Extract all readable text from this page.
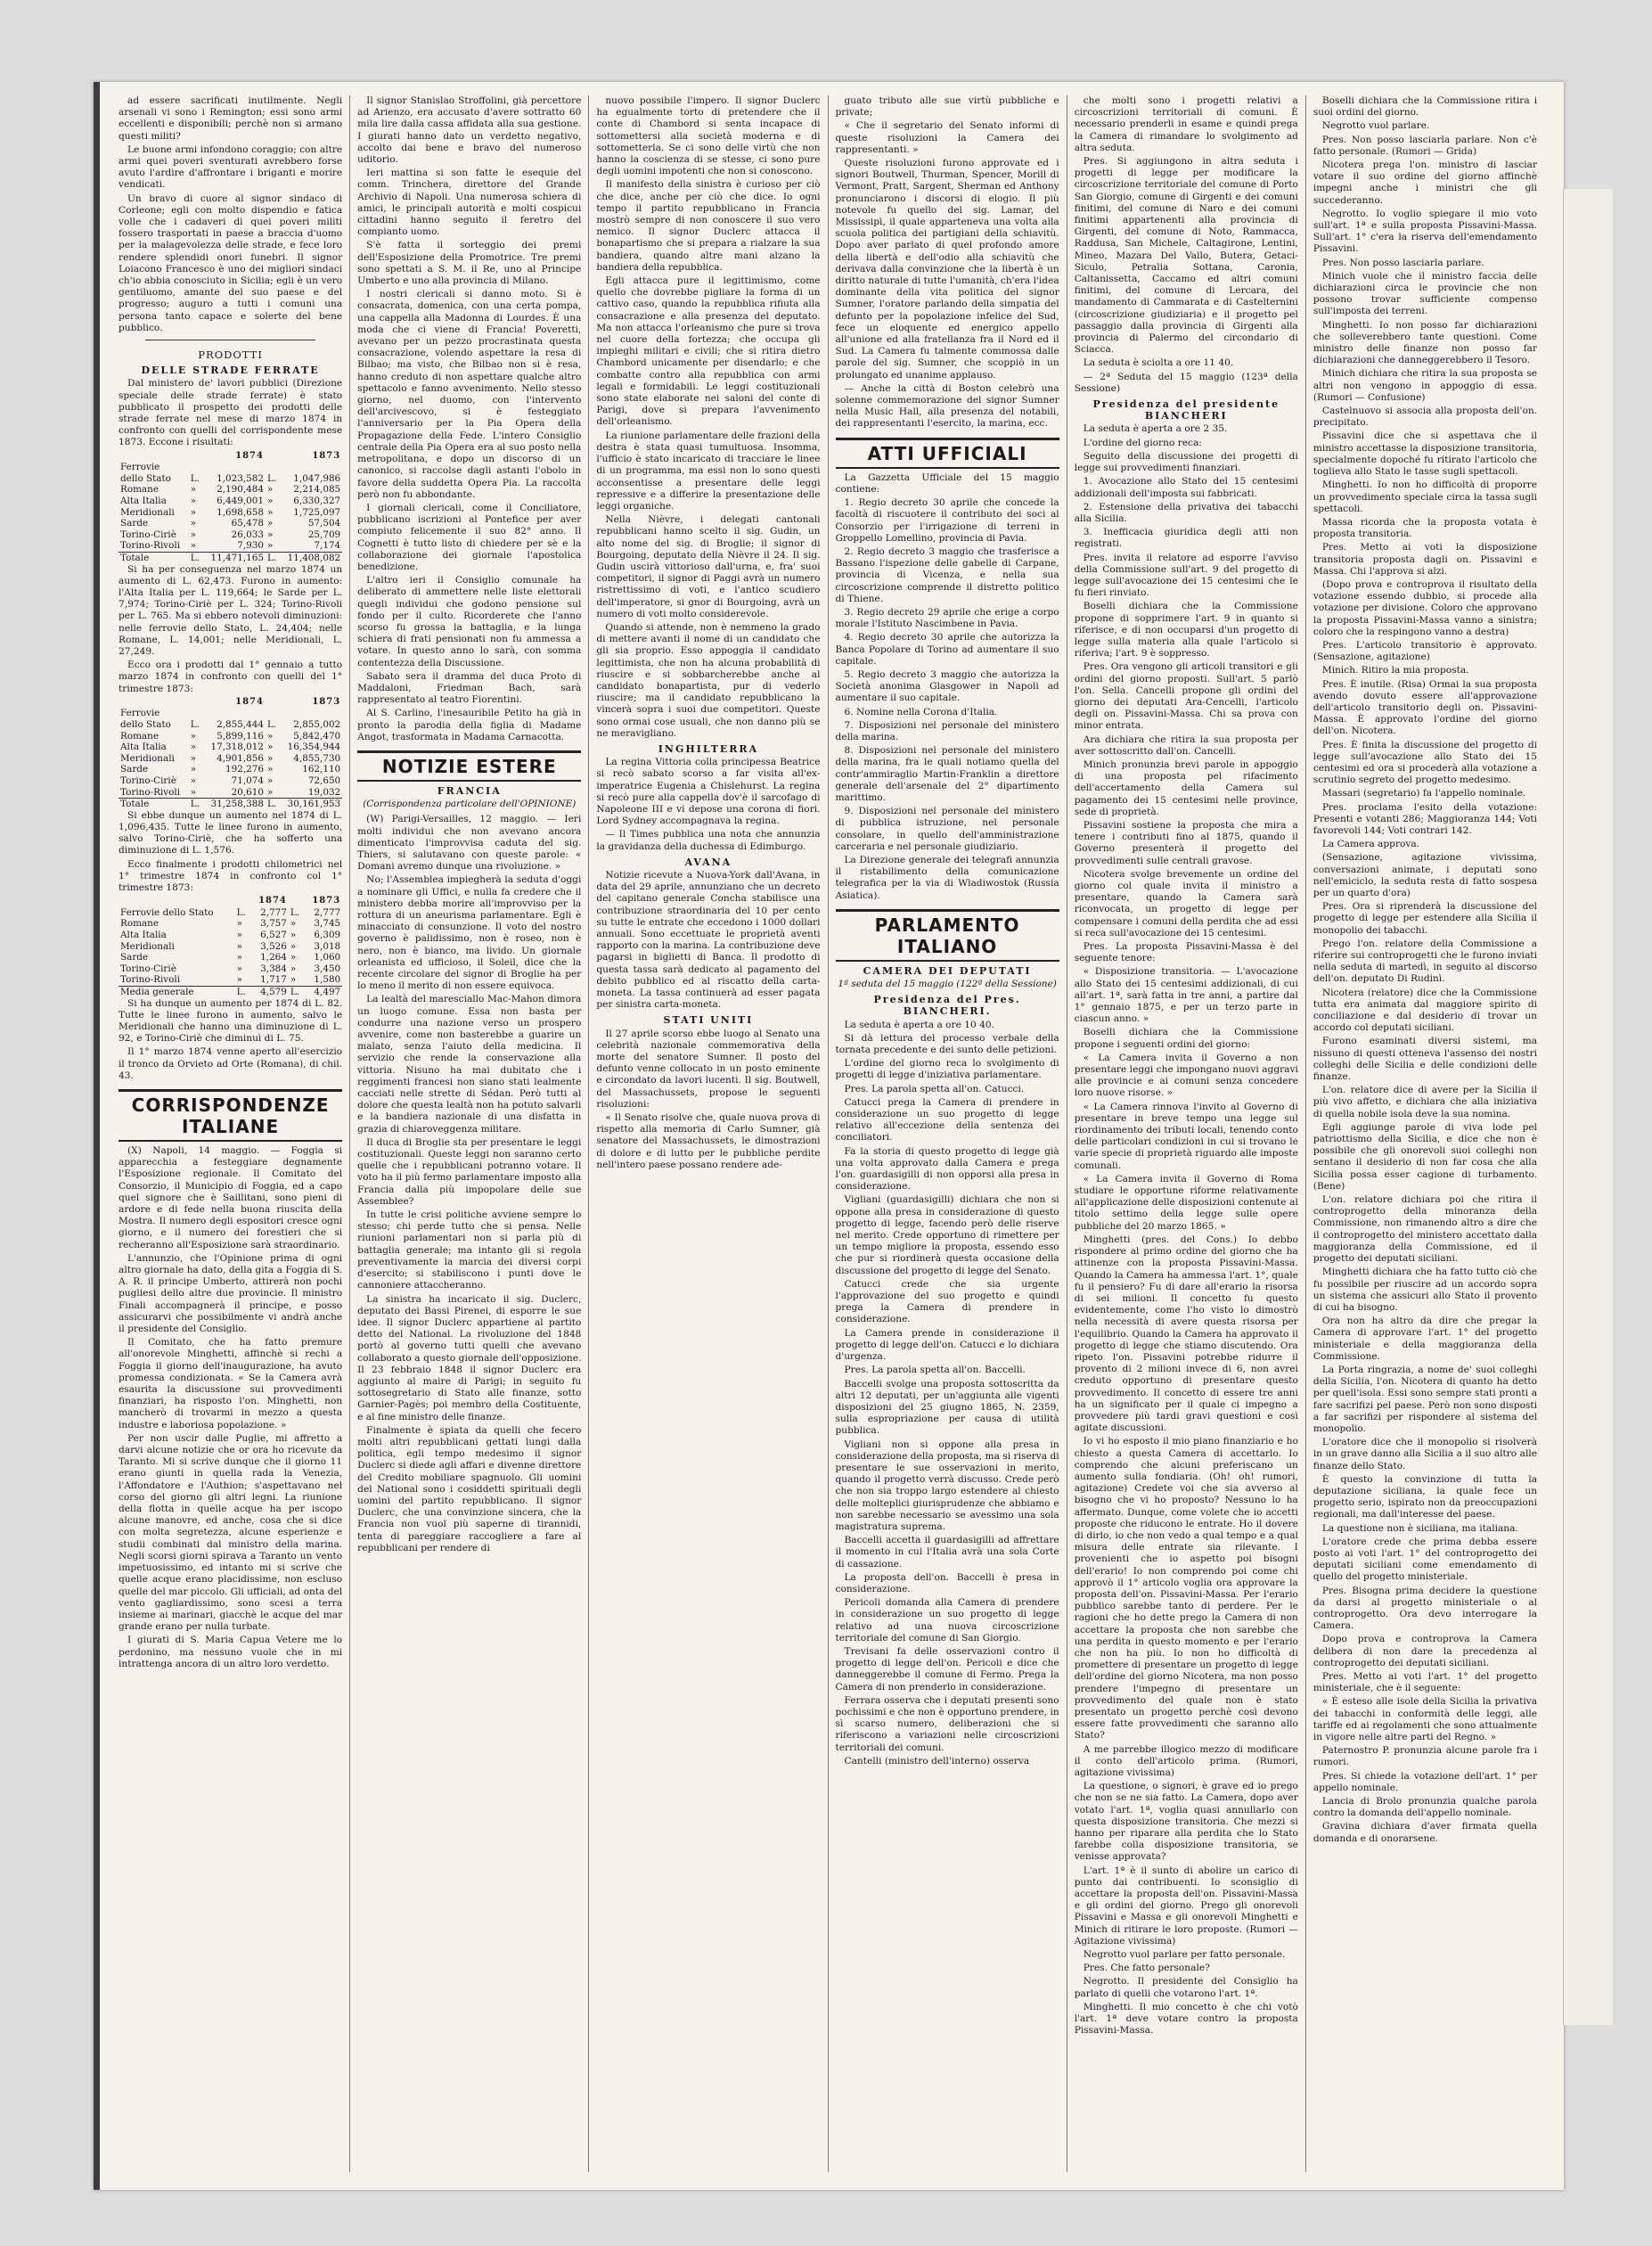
ad essere sacrificati inutilmente. Negli arsenali vi sono i Remington; essi sono armi eccellenti e disponibili; perchè non si armano questi militi?

Le buone armi infondono coraggio; con altre armi quei poveri sventurati avrebbero forse avuto l'ardire d'affrontare i briganti e morire vendicati.

Un bravo di cuore al signor sindaco di Corleone; egli con molto dispendio e fatica volle che i cadaveri di quei poveri militi fossero trasportati in paese a braccia d'uomo per la malagevolezza delle strade, e fece loro rendere splendidi onori funebri. Il signor Loiacono Francesco è uno dei migliori sindaci ch'io abbia conosciuto in Sicilia; egli è un vero gentiluomo, amante del suo paese e del progresso; augurο a tutti i comuni una persona tanto capace e solerte del bene pubblico.

PRODOTTI
DELLE STRADE FERRATE

Dal ministero de' lavori pubblici (Direzione speciale delle strade ferrate) è stato pubblicato il prospetto dei prodotti delle strade ferrate nel mese di marzo 1874 in confronto con quelli del corrispondente mese 1873. Eccone i risultati:

		1874		1873
Ferrovie				
dello Stato	L.	1,023,582	L.	1,047,986
Romane	»	2,190,484	»	2,214,085
Alta Italia	»	6,449,001	»	6,330,327
Meridionali	»	1,698,658	»	1,725,097
Sarde	»	65,478	»	57,504
Torino-Ciriè	»	26,033	»	25,709
Torino-Rivoli	»	7,930	»	7,174
Totale	L.	11,471,165	L.	11,408,082

Si ha per conseguenza nel marzo 1874 un aumento di L. 62,473. Furono in aumento: l'Alta Italia per L. 119,664; le Sarde per L. 7,974; Torino-Ciriè per L. 324; Torino-Rivoli per L. 765. Ma si ebbero notevoli diminuzioni: nelle ferrovie dello Stato, L. 24,404; nelle Romane, L. 14,001; nelle Meridionali, L. 27,249.

Ecco ora i prodotti dal 1° gennaio a tutto marzo 1874 in confronto con quelli del 1° trimestre 1873:

		1874		1873
Ferrovie				
dello Stato	L.	2,855,444	L.	2,855,002
Romane	»	5,899,116	»	5,842,470
Alta Italia	»	17,318,012	»	16,354,944
Meridionali	»	4,901,856	»	4,855,730
Sarde	»	192,276	»	162,110
Torino-Ciriè	»	71,074	»	72,650
Torino-Rivoli	»	20,610	»	19,032
Totale	L.	31,258,388	L.	30,161,953

Si ebbe dunque un aumento nel 1874 di L. 1,096,435. Tutte le linee furono in aumento, salvo Torino-Ciriè, che ha sofferto una diminuzione di L. 1,576.

Ecco finalmente i prodotti chilometrici nel 1° trimestre 1874 in confronto col 1° trimestre 1873:

		1874		1873
Ferrovie dello Stato	L.	2,777	L.	2,777
Romane	»	3,757	»	3,745
Alta Italia	»	6,527	»	6,309
Meridionali	»	3,526	»	3,018
Sarde	»	1,264	»	1,060
Torino-Ciriè	»	3,384	»	3,450
Torino-Rivoli	»	1,717	»	1,580
Media generale	L.	4,579	L.	4,497

Si ha dunque un aumento per 1874 di L. 82. Tutte le linee furono in aumento, salvo le Meridionali che hanno una diminuzione di L. 92, e Torino-Ciriè che diminuì di L. 75.

Il 1° marzo 1874 venne aperto all'esercizio il tronco da Orvieto ad Orte (Romana), di chil. 43.

CORRISPONDENZE ITALIANE

(X) Napoli, 14 maggio. — Foggia si apparecchia a festeggiare degnamente l'Esposizione regionale. Il Comitato del Consorzio, il Municipio di Foggia, ed a capo quel signore che è Saillitani, sono pieni di ardore e di fede nella buona riuscita della Mostra. Il numero degli espositori cresce ogni giorno, e il numero dei forestieri che si recheranno all'Esposizione sarà straordinario.

L'annunzio, che l'Opinione prima di ogni altro giornale ha dato, della gita a Foggia di S. A. R. il principe Umberto, attirerà non pochi pugliesi dello altre due provincie. Il ministro Finali accompagnerà il principe, e posso assicurarvi che possibilmente vi andrà anche il presidente del Consiglio.

Il Comitato, che ha fatto premure all'onorevole Minghetti, affinchè si rechi a Foggia il giorno dell'inaugurazione, ha avuto promessa condizionata. « Se la Camera avrà esaurita la discussione sui provvedimenti finanziari, ha risposto l'on. Minghetti, non mancherò di trovarmi in mezzo a questa industre e laboriosa popolazione. »

Per non uscir dalle Puglie, mi affretto a darvi alcune notizie che or ora ho ricevute da Taranto. Mi si scrive dunque che il giorno 11 erano giunti in quella rada la Venezia, l'Affondatore e l'Authion; s'aspettavano nel corso del giorno gli altri legni. La riunione della flotta in quelle acque ha per iscopo alcune manovre, ed anche, cosa che si dice con molta segretezza, alcune esperienze e studii combinati dal ministro della marina. Negli scorsi giorni spirava a Taranto un vento impetuosissimo, ed intanto mi si scrive che quelle acque erano placidissime, non escluso quelle del mar piccolo. Gli ufficiali, ad onta del vento gagliardissimo, sono scesi a terra insieme ai marinari, giacchè le acque del mar grande erano per nulla turbate.

I giurati di S. Maria Capua Vetere me lo perdonino, ma nessuno vuole che in mi intrattenga ancora di un altro loro verdetto.

Il signor Stanislao Stroffolini, già percettore ad Arienzo, era accusato d'avere sottratto 60 mila lire dalla cassa affidata alla sua gestione. I giurati hanno dato un verdetto negativo, accolto dai bene e bravo del numeroso uditorio.

Ieri mattina si son fatte le esequie del comm. Trinchera, direttore del Grande Archivio di Napoli. Una numerosa schiera di amici, le principali autorità e molti cospicui cittadini hanno seguito il feretro del compianto uomo.

S'è fatta il sorteggio dei premi dell'Esposizione della Promotrice. Tre premi sono spettati a S. M. il Re, uno al Principe Umberto e uno alla provincia di Milano.

I nostri clericali si danno moto. Si è consacrata, domenica, con una certa pompa, una cappella alla Madonna di Lourdes. È una moda che ci viene di Francia! Poveretti, avevano per un pezzo procrastinata questa consacrazione, volendo aspettare la resa di Bilbao; ma visto, che Bilbao non si è resa, hanno creduto di non aspettare qualche altro spettacolo e fanno avvenimento. Nello stesso giorno, nel duomo, con l'intervento dell'arcivescovo, si è festeggiato l'anniversario per la Pia Opera della Propagazione della Fede. L'intero Consiglio centrale della Pia Opera era al suo posto nella metropolitana, e dopo un discorso di un canonico, si raccolse dagli astanti l'obolo in favore della suddetta Opera Pia. La raccolta però non fu abbondante.

I giornali clericali, come il Conciliatore, pubblicano iscrizioni al Pontefice per aver compiuto felicemente il suo 82° anno. Il Cognetti è tutto listo di chiedere per sè e la collaborazione dei giornale l'apostolica benedizione.

L'altro ieri il Consiglio comunale ha deliberato di ammettere nelle liste elettorali quegli individui che godono pensione sul fondo per il culto. Ricorderete che l'anno scorso fu grossa la battaglia, e la lunga schiera di frati pensionati non fu ammessa a votare. In questo anno lo sarà, con somma contentezza della Discussione.

Sabato sera il dramma del duca Proto di Maddaloni, Friedman Bach, sarà rappresentato al teatro Fiorentini.

Al S. Carlino, l'inesauribile Petito ha già in pronto la parodia della figlia di Madame Angot, trasformata in Madama Carnacotta.

NOTIZIE ESTERE
FRANCIA
(Corrispondenza particolare dell'OPINIONE)

(W) Parigi-Versailles, 12 maggio. — Ieri molti individui che non avevano ancora dimenticato l'improvvisa caduta del sig. Thiers, si salutavano con queste parole: « Domani avremo dunque una rivoluzione. »

No; l'Assemblea impiegherà la seduta d'oggi a nominare gli Uffici, e nulla fa credere che il ministero debba morire all'improvviso per la rottura di un aneurisma parlamentare. Egli è minacciato di consunzione. Il voto del nostro governo è palidissimo, non è roseo, non è nero, non è bianco, ma livido. Un giornale orleanista ed ufficioso, il Soleil, dice che la recente circolare del signor di Broglie ha per lo meno il merito di non essere equivoca.

La lealtà del maresciallo Mac-Mahon dimora un luogo comune. Essa non basta per condurre una nazione verso un prospero avvenire, come non basterebbe a guarire un malato, senza l'aiuto della medicina. Il servizio che rende la conservazione alla vittoria. Nisuno ha mai dubitato che i reggimenti francesi non siano stati lealmente cacciati nelle strette di Sédan. Però tutti al dolore che questa lealtà non ha potuto salvarli e la bandiera nazionale di una disfatta in grazia di chiaroveggenza militare.

Il duca di Broglie sta per presentare le leggi costituzionali. Queste leggi non saranno certo quelle che i repubblicani potranno votare. Il voto ha il più fermo parlamentare imposto alla Francia dalla più impopolare delle sue Assemblee?

In tutte le crisi politiche avviene sempre lo stesso; chi perde tutto che si pensa. Nelle riunioni parlamentari non si parla più di battaglia generale; ma intanto gli si regola preventivamente la marcia dei diversi corpi d'esercito; si stabiliscono i punti dove le cannoniere attaccheranno.

La sinistra ha incaricato il sig. Duclerc, deputato dei Bassi Pirenei, di esporre le sue idee. Il signor Duclerc appartiene al partito detto del National. La rivoluzione del 1848 portò al governo tutti quelli che avevano collaborato a questo giornale dell'opposizione. Il 23 febbraio 1848 il signor Duclerc era aggiunto al maire di Parigi; in seguito fu sottosegretario di Stato alle finanze, sotto Garnier-Pagès; poi membro della Costituente, e al fine ministro delle finanze.

Finalmente è spiata da quelli che fecero molti altri repubblicani gettati lungi dalla politica, egli tempo medesimo il signor Duclerc si diede agli affari e divenne direttore del Credito mobiliare spagnuolo. Gli uomini del National sono i cosiddetti spirituali degli uomini del partito repubblicano. Il signor Duclerc, che una convinzione sincera, che la Francia non vuol più saperne di tirannidi, tenta di pareggiare raccogliere a fare al repubblicani per rendere di

nuovo possibile l'impero. Il signor Duclerc ha egualmente torto di pretendere che il conte di Chambord si senta incapace di sottomettersi alla società moderna e di sottometterla. Se ci sono delle virtù che non hanno la coscienza di se stesse, ci sono pure degli uomini impotenti che non si conoscono.

Il manifesto della sinistra è curioso per ciò che dice, anche per ciò che dice. Io ogni tempo il partito repubblicano in Francia mostrò sempre di non conoscere il suo vero nemico. Il signor Duclerc attacca il bonapartismo che si prepara a rialzare la sua bandiera, quando altre mani alzano la bandiera della repubblica.

Egli attacca pure il legittimismo, come quello che dovrebbe pigliare la forma di un cattivo caso, quando la repubblica rifiuta alla consacrazione e alla presenza del deputato. Ma non attacca l'orleanismo che pure si trova nel cuore della fortezza; che occupa gli impieghi militari e civili; che si ritira dietro Chambord unicamente per disendarlo; e che combatte contro alla repubblica con armi legali e formidabili. Le leggi costituzionali sono state elaborate nei saloni del conte di Parigi, dove si prepara l'avvenimento dell'orleanismo.

La riunione parlamentare delle frazioni della destra è stata quasi tumultuosa. Insomma, l'ufficio è stato incaricato di tracciare le linee di un programma, ma essi non lo sono questi acconsentisse a presentare delle leggi repressive e a differire la presentazione delle leggi organiche.

Nella Nièvre, i delegati cantonali repubblicani hanno scelto il sig. Gudin, un alto nome del sig. di Broglie; il signor di Bourgoing, deputato della Nièvre il 24. Il sig. Gudin uscirà vittorioso dall'urna, e, fra' suoi competitori, il signor di Paggi avrà un numero ristrettissimo di voti, e l'antico scudiero dell'imperatore, si gnor di Bourgoing, avrà un numero di voti molto considerevole.

Quando si attende, non è nemmeno la grado di mettere avanti il nome di un candidato che gli sia proprio. Esso appoggia il candidato legittimista, che non ha alcuna probabilità di riuscire e si sobbarcherebbe anche al candidato bonapartista, pur di vederlo riuscire; ma il candidato repubblicano la vincerà sopra i suoi due competitori. Queste sono ormai cose usuali, che non danno più se ne meravigliano.

INGHILTERRA

La regina Vittoria colla principessa Beatrice si recò sabato scorso a far visita all'ex-imperatrice Eugenia a Chislehurst. La regina si recò pure alla cappella dov'è il sarcofago di Napoleone III e vi depose una corona di fiori. Lord Sydney accompagnava la regina.

— Il Times pubblica una nota che annunzia la gravidanza della duchessa di Edimburgo.

AVANA

Notizie ricevute a Nuova-York dall'Avana, in data del 29 aprile, annunziano che un decreto del capitano generale Concha stabilisce una contribuzione straordinaria del 10 per cento su tutte le entrate che eccedono i 1000 dollari annuali. Sono eccettuate le proprietà aventi rapporto con la marina. La contribuzione deve pagarsi in biglietti di Banca. Il prodotto di questa tassa sarà dedicato al pagamento del debito pubblico ed al riscatto della carta-moneta. La tassa continuerà ad esser pagata per sinistra carta-moneta.

STATI UNITI

Il 27 aprile scorso ebbe luogo al Senato una celebrità nazionale commemorativa della morte del senatore Sumner. Il posto del defunto venne collocato in un posto eminente e circondato da lavori lucenti. Il sig. Boutwell, del Massachussets, propose le seguenti risoluzioni:

« Il Senato risolve che, quale nuova prova di rispetto alla memoria di Carlo Sumner, già senatore del Massachussets, le dimostrazioni di dolore e di lutto per le pubbliche perdite nell'intero paese possano rendere ade-

guato tributo alle sue virtù pubbliche e private;

« Che il segretario del Senato informi di queste risoluzioni la Camera dei rappresentanti. »

Queste risoluzioni furono approvate ed i signori Boutwell, Thurman, Spencer, Morill di Vermont, Pratt, Sargent, Sherman ed Anthony pronunciarono i discorsi di elogio. Il più notevole fu quello del sig. Lamar, del Mississipì, il quale apparteneva una volta alla scuola politica dei partigiani della schiavitù. Dopo aver parlato di quel profondo amore della libertà e dell'odio alla schiavitù che derivava dalla convinzione che la libertà è un diritto naturale di tutte l'umanità, ch'era l'idea dominante della vita politica del signor Sumner, l'oratore parlando della simpatia del defunto per la popolazione infelice del Sud, fece un eloquente ed energico appello all'unione ed alla fratellanza fra il Nord ed il Sud. La Camera fu talmente commossa dalle parole del sig. Sumner, che scoppiò in un prolungato ed unanime applauso.

— Anche la città di Boston celebrò una solenne commemorazione del signor Sumner nella Music Hall, alla presenza del notabili, dei rappresentanti l'esercito, la marina, ecc.

ATTI UFFICIALI

La Gazzetta Ufficiale del 15 maggio contiene:

1. Regio decreto 30 aprile che concede la facoltà di riscuotere il contributo dei soci al Consorzio per l'irrigazione di terreni in Groppello Lomellino, provincia di Pavia.

2. Regio decreto 3 maggio che trasferisce a Bassano l'ispezione delle gabelle di Carpane, provincia di Vicenza, e nella sua circoscrizione comprende il distretto politico di Thiene.

3. Regio decreto 29 aprile che erige a corpo morale l'Istituto Nascimbene in Pavia.

4. Regio decreto 30 aprile che autorizza la Banca Popolare di Torino ad aumentare il suo capitale.

5. Regio decreto 3 maggio che autorizza la Società anonima Glasgower in Napoli ad aumentare il suo capitale.

6. Nomine nella Corona d'Italia.

7. Disposizioni nel personale del ministero della marina.

8. Disposizioni nel personale del ministero della marina, fra le quali notiamo quella del contr'ammiraglio Martin-Franklin a direttore generale dell'arsenale del 2° dipartimento marittimo.

9. Disposizioni nel personale del ministero di pubblica istruzione, nel personale consolare, in quello dell'amministrazione carceraria e nel personale giudiziario.

La Direzione generale dei telegrafi annunzia il ristabilimento della comunicazione telegrafica per la via di Wladiwostok (Russia Asiatica).

PARLAMENTO ITALIANO
CAMERA DEI DEPUTATI
1ª seduta del 15 maggio (122ª della Sessione)
Presidenza del Pres. BIANCHERI.

La seduta è aperta a ore 10 40.

Si dà lettura del processo verbale della tornata precedente e dei sunto delle petizioni.

L'ordine del giorno reca lo svolgimento di progetti di legge d'iniziativa parlamentare.

Pres. La parola spetta all'on. Catucci.

Catucci prega la Camera di prendere in considerazione un suo progetto di legge relativo all'eccezione della sentenza dei conciliatori.

Fa la storia di questo progetto di legge già una volta approvato dalla Camera e prega l'on. guardasigilli di non opporsi alla presa in considerazione.

Vigliani (guardasigilli) dichiara che non si oppone alla presa in considerazione di questo progetto di legge, facendo però delle riserve nel merito. Crede opportuno di rimettere per un tempo migliore la proposta, essendo esso che pur si riordinerà questa occasione della discussione del progetto di legge del Senato.

Catucci crede che sia urgente l'approvazione del suo progetto e quindi prega la Camera di prendere in considerazione.

La Camera prende in considerazione il progetto di legge dell'on. Catucci e lo dichiara d'urgenza.

Pres. La parola spetta all'on. Baccelli.

Baccelli svolge una proposta sottoscritta da altri 12 deputati, per un'aggiunta alle vigenti disposizioni del 25 giugno 1865, N. 2359, sulla espropriazione per causa di utilità pubblica.

Vigliani non si oppone alla presa in considerazione della proposta, ma si riserva di presentare le sue osservazioni in merito, quando il progetto verrà discusso. Crede però che non sia troppo largo estendere al chiesto delle molteplici giurisprudenze che abbiamo e non sarebbe necessario se avessimo una sola magistratura suprema.

Baccelli accetta il guardasigilli ad affrettare il momento in cui l'Italia avrà una sola Corte di cassazione.

La proposta dell'on. Baccelli è presa in considerazione.

Pericoli domanda alla Camera di prendere in considerazione un suo progetto di legge relativo ad una nuova circoscrizione territoriale del comune di San Giorgio.

Trevisani fa delle osservazioni contro il progetto di legge dell'on. Pericoli e dice che danneggerebbe il comune di Fermo. Prega la Camera di non prenderlo in considerazione.

Ferrara osserva che i deputati presenti sono pochissimi e che non è opportuno prendere, in sì scarso numero, deliberazioni che si riferiscono a variazioni nelle circoscrizioni territoriali dei comuni.

Cantelli (ministro dell'interno) osserva

che molti sono i progetti relativi a circoscrizioni territoriali di comuni. È necessario prenderli in esame e quindi prega la Camera di rimandare lo svolgimento ad altra seduta.

Pres. Si aggiungono in altra seduta i progetti di legge per modificare la circoscrizione territoriale del comune di Porto San Giorgio, comune di Girgenti e dei comuni finitimi, del comune di Naro e dei comuni finitimi appartenenti alla provincia di Girgenti, del comune di Noto, Rammacca, Raddusa, San Michele, Caltagirone, Lentini, Mineo, Mazara Del Vallo, Butera, Getaci-Siculo, Petralia Sottana, Caronia, Caltanissetta, Caccamo ed altri comuni finitimi, del comune di Lercara, del mandamento di Cammarata e di Castelternini (circoscrizione giudiziaria) e il progetto pel passaggio dalla provincia di Girgenti alla provincia di Palermo del circondario di Sciacca.

La seduta è sciolta a ore 11 40.

— 2ª Seduta del 15 maggio (123ª della Sessione)

Presidenza del presidente BIANCHERI

La seduta è aperta a ore 2 35.

L'ordine del giorno reca:

Seguito della discussione dei progetti di legge sui provvedimenti finanziari.

1. Avocazione allo Stato del 15 centesimi addizionali dell'imposta sui fabbricati.

2. Estensione della privativa dei tabacchi alla Sicilia.

3. Inefficacia giuridica degli atti non registrati.

Pres. invita il relatore ad esporre l'avviso della Commissione sull'art. 9 del progetto di legge sull'avocazione dei 15 centesimi che le fu fieri rinviato.

Boselli dichiara che la Commissione propone di sopprimere l'art. 9 in quanto si riferisce, e di non occuparsi d'un progetto di legge sulla materia alla quale l'articolo si riferiva; l'art. 9 è soppresso.

Pres. Ora vengono gli articoli transitori e gli ordini del giorno proposti. Sull'art. 5 parlò l'on. Sella. Cancelli propone gli ordini del giorno dei deputati Ara-Cencelli, l'articolo degli on. Pissavini-Massa. Chi sa prova con minor entrata.

Ara dichiara che ritira la sua proposta per aver sottoscritto dall'on. Cancelli.

Minich pronunzia brevi parole in appoggio di una proposta pel rifacimento dell'accertamento della Camera sul pagamento dei 15 centesimi nelle province, sede di proprietà.

Pissavini sostiene la proposta che mira a tenere i contributi fino al 1875, quando il Governo presenterà il progetto del provvedimenti sulle centrali gravose.

Nicotera svolge brevemente un ordine del giorno col quale invita il ministro a presentare, quando la Camera sarà riconvocata, un progetto di legge per compensare i comuni della perdita che ad essi si reca sull'avocazione dei 15 centesimi.

Pres. La proposta Pissavini-Massa è del seguente tenore:

« Disposizione transitoria. — L'avocazione allo Stato dei 15 centesimi addizionali, di cui all'art. 1ª, sarà fatta in tre anni, a partire dal 1° gennaio 1875, e per un terzo parte in ciascun anno. »

Boselli dichiara che la Commissione propone i seguenti ordini del giorno:

« La Camera invita il Governo a non presentare leggi che impongano nuovi aggravi alle provincie e ai comuni senza concedere loro nuove risorse. »

« La Camera rinnova l'invito al Governo di presentare in breve tempo una legge sul riordinamento dei tributi locali, tenendo conto delle particolari condizioni in cui si trovano le varie specie di proprietà riguardo alle imposte comunali.

« La Camera invita il Governo di Roma studiare le opportune riforme relativamente all'applicazione delle disposizioni contenute al titolo settimo della legge sulle opere pubbliche del 20 marzo 1865. »

Minghetti (pres. del Cons.) Io debbo rispondere al primo ordine del giorno che ha attinenze con la proposta Pissavini-Massa. Quando la Camera ha ammessa l'art. 1°, quale fu il pensiero? Fu di dare all'erario la risorsa di sei milioni. Il concetto fu questo evidentemente, come l'ho visto lo dimostrò nella necessità di avere questa risorsa per l'equilibrio. Quando la Camera ha approvato il progetto di legge che stiamo discutendo. Ora ripeto l'on. Pissavini potrebbe ridurre il provento di 2 milioni invece di 6, non avrei creduto opportuno di presentare questo provvedimento. Il concetto di essere tre anni ha un significato per il quale ci impegno a provvedere più tardi gravi questioni e così agitate discussioni.

Io vi ho esposto il mio piano finanziario e ho chiesto a questa Camera di accettarlo. Io comprendo che alcuni preferiscano un aumento sulla fondiaria. (Oh! oh! rumori, agitazione) Credete voi che sia avverso al bisogno che vi ho proposto? Nessuno lo ha affermato. Dunque, come volete che io accetti proposte che riducono le entrate. Ho il dovere di dirlo, io che non vedo a qual tempo e a qual misura delle entrate sia rilevante. I provenienti che io aspetto poi bisogni dell'erario! Io non comprendo poi come chi approvò il 1° articolo voglia ora approvare la proposta dell'on. Pissavini-Massa. Per l'erario pubblico sarebbe tanto di perdere. Per le ragioni che ho dette prego la Camera di non accettare la proposta che non sarebbe che una perdita in questo momento e per l'erario che non ha più. Io non ho difficoltà di promettere di presentare un progetto di legge dell'ordine del giorno Nicotera, ma non posso prendere l'impegno di presentare un provvedimento del quale non è stato presentato un progetto perchè così devono essere fatte provvedimenti che saranno allo Stato?

A me parrebbe illogico mezzo di modificare il conto dell'articolo prima. (Rumori, agitazione vivissima)

La questione, o signori, è grave ed io prego che non se ne sia fatto. La Camera, dopo aver votato l'art. 1ª, voglia quasi annullarlo con questa disposizione transitoria. Che mezzi si hanno per riparare alla perdita che lo Stato farebbe colla disposizione transitoria, se venisse approvata?

L'art. 1ª è il sunto di abolire un carico di punto dai contribuenti. Io sconsiglio di accettare la proposta dell'on. Pissavini-Massa e gli ordini del giorno. Prego gli onorevoli Pissavini e Massa e gli onorevoli Minghetti e Minich di ritirare le loro proposte. (Rumori — Agitazione vivissima)

Negrotto vuol parlare per fatto personale.

Pres. Che fatto personale?

Negrotto. Il presidente del Consiglio ha parlato di quelli che votarono l'art. 1ª.

Minghetti. Il mio concetto è che chi votò l'art. 1ª deve votare contro la proposta Pissavini-Massa.

Boselli dichiara che la Commissione ritira i suoi ordini del giorno.

Negrotto vuol parlare.

Pres. Non posso lasciarla parlare. Non c'è fatto personale. (Rumori — Grida)

Nicotera prega l'on. ministro di lasciar votare il suo ordine del giorno affinchè impegni anche i ministri che gli succederanno.

Negrotto. Io voglio spiegare il mio voto sull'art. 1ª e sulla proposta Pissavini-Massa. Sull'art. 1° c'era la riserva dell'emendamento Pissavini.

Pres. Non posso lasciarla parlare.

Minich vuole che il ministro faccia delle dichiarazioni circa le provincie che non possono trovar sufficiente compenso sull'imposta dei terreni.

Minghetti. Io non posso far dichiarazioni che solleverebbero tante questioni. Come ministro delle finanze non posso far dichiarazioni che danneggerebbero il Tesoro.

Minich dichiara che ritira la sua proposta se altri non vengono in appoggio di essa. (Rumori — Confusione)

Castelnuovo si associa alla proposta dell'on. precipitato.

Pissavini dice che si aspettava che il ministro accettasse la disposizione transitoria, specialmente dopoché fu ritirato l'articolo che toglieva allo Stato le tasse sugli spettacoli.

Minghetti. Io non ho difficoltà di proporre un provvedimento speciale circa la tassa sugli spettacoli.

Massa ricorda che la proposta votata è proposta transitoria.

Pres. Metto ai voti la disposizione transitoria proposta dagli on. Pissavini e Massa. Chi l'approva si alzi.

(Dopo prova e controprova il risultato della votazione essendo dubbio, si procede alla votazione per divisione. Coloro che approvano la proposta Pissavini-Massa vanno a sinistra; coloro che la respingono vanno a destra)

Pres. L'articolo transitorio è approvato. (Sensazione, agitazione)

Minich. Ritiro la mia proposta.

Pres. È inutile. (Risa) Ormai la sua proposta avendo dovuto essere all'approvazione dell'articolo transitorio degli on. Pissavini-Massa. È approvato l'ordine del giorno dell'on. Nicotera.

Pres. È finita la discussione del progetto di legge sull'avocazione allo Stato dei 15 centesimi ed ora si procederà alla votazione a scrutinio segreto del progetto medesimo.

Massari (segretario) fa l'appello nominale.

Pres. proclama l'esito della votazione: Presenti e votanti 286; Maggioranza 144; Voti favorevoli 144; Voti contrari 142.

La Camera approva.

(Sensazione, agitazione vivissima, conversazioni animate, i deputati sono nell'emiciclo, la seduta resta di fatto sospesa per un quarto d'ora)

Pres. Ora si riprenderà la discussione del progetto di legge per estendere alla Sicilia il monopolio dei tabacchi.

Prego l'on. relatore della Commissione a riferire sui controprogetti che le furono inviati nella seduta di martedì, in seguito al discorso dell'on. deputato Di Rudinì.

Nicotera (relatore) dice che la Commissione tutta era animata dal maggiore spirito di conciliazione e dal desiderio di trovar un accordo col deputati siciliani.

Furono esaminati diversi sistemi, ma nissuno di questi otteneva l'assenso dei nostri colleghi delle Sicilia e delle condizioni delle finanze.

L'on. relatore dice di avere per la Sicilia il più vivo affetto, e dichiara che alla iniziativa di quella nobile isola deve la sua nomina.

Egli aggiunge parole di viva lode pel patriottismo della Sicilia, e dice che non è possibile che gli onorevoli suoi colleghi non sentano il desiderio di non far cosa che alla Sicilia possa esser cagione di turbamento. (Bene)

L'on. relatore dichiara poi che ritira il controprogetto della minoranza della Commissione, non rimanendo altro a dire che il controprogetto del ministero accettato dalla maggioranza della Commissione, ed il progetto dei deputati siciliani.

Minghetti dichiara che ha fatto tutto ciò che fu possibile per riuscire ad un accordo sopra un sistema che assicuri allo Stato il provento di cui ha bisogno.

Ora non ha altro da dire che pregar la Camera di approvare l'art. 1° del progetto ministeriale e della maggioranza della Commissione.

La Porta ringrazia, a nome de' suoi colleghi della Sicilia, l'on. Nicotera di quanto ha detto per quell'isola. Essi sono sempre stati pronti a fare sacrifizi pel paese. Però non sono disposti a far sacrifizi per rispondere al sistema del monopolio.

L'oratore dice che il monopolio si risolverà in un grave danno alla Sicilia a il suo altro alle finanze dello Stato.

È questo la convinzione di tutta la deputazione siciliana, la quale fece un progetto serio, ispirato non da preoccupazioni regionali, ma dall'interesse del paese.

La questione non è siciliana, ma italiana.

L'oratore crede che prima debba essere posto ai voti l'art. 1° del controprogetto dei deputati siciliani come emendamento di quello del progetto ministeriale.

Pres. Bisogna prima decidere la questione da darsi al progetto ministeriale o al controprogetto. Ora devo interrogare la Camera.

Dopo prova e controprova la Camera delibera di non dare la precedenza al controprogetto dei deputati siciliani.

Pres. Metto ai voti l'art. 1° del progetto ministeriale, che è il seguente:

« È esteso alle isole della Sicilia la privativa dei tabacchi in conformità delle leggi, alle tariffe ed ai regolamenti che sono attualmente in vigore nelle altre parti del Regno. »

Paternostro P. pronunzia alcune parole fra i rumori.

Pres. Si chiede la votazione dell'art. 1° per appello nominale.

Lancia di Brolo pronunzia qualche parola contro la domanda dell'appello nominale.

Gravina dichiara d'aver firmata quella domanda e di onorarsene.
